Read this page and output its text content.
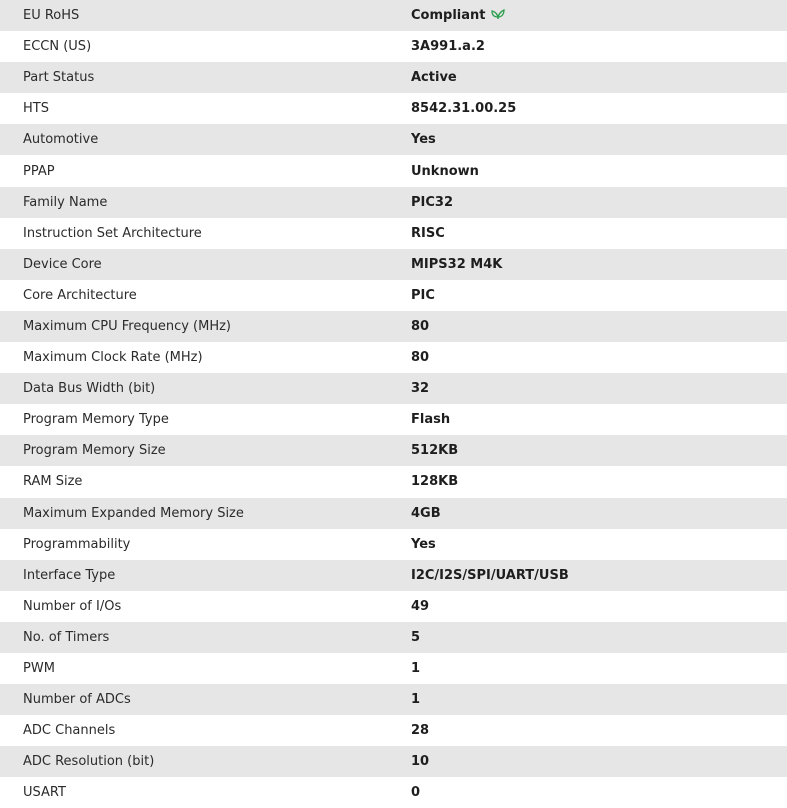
EU RoHS	Compliant
ECCN (US)	3A991.a.2
Part Status	Active
HTS	8542.31.00.25
Automotive	Yes
PPAP	Unknown
Family Name	PIC32
Instruction Set Architecture	RISC
Device Core	MIPS32 M4K
Core Architecture	PIC
Maximum CPU Frequency (MHz)	80
Maximum Clock Rate (MHz)	80
Data Bus Width (bit)	32
Program Memory Type	Flash
Program Memory Size	512KB
RAM Size	128KB
Maximum Expanded Memory Size	4GB
Programmability	Yes
Interface Type	I2C/I2S/SPI/UART/USB
Number of I/Os	49
No. of Timers	5
PWM	1
Number of ADCs	1
ADC Channels	28
ADC Resolution (bit)	10
USART	0
